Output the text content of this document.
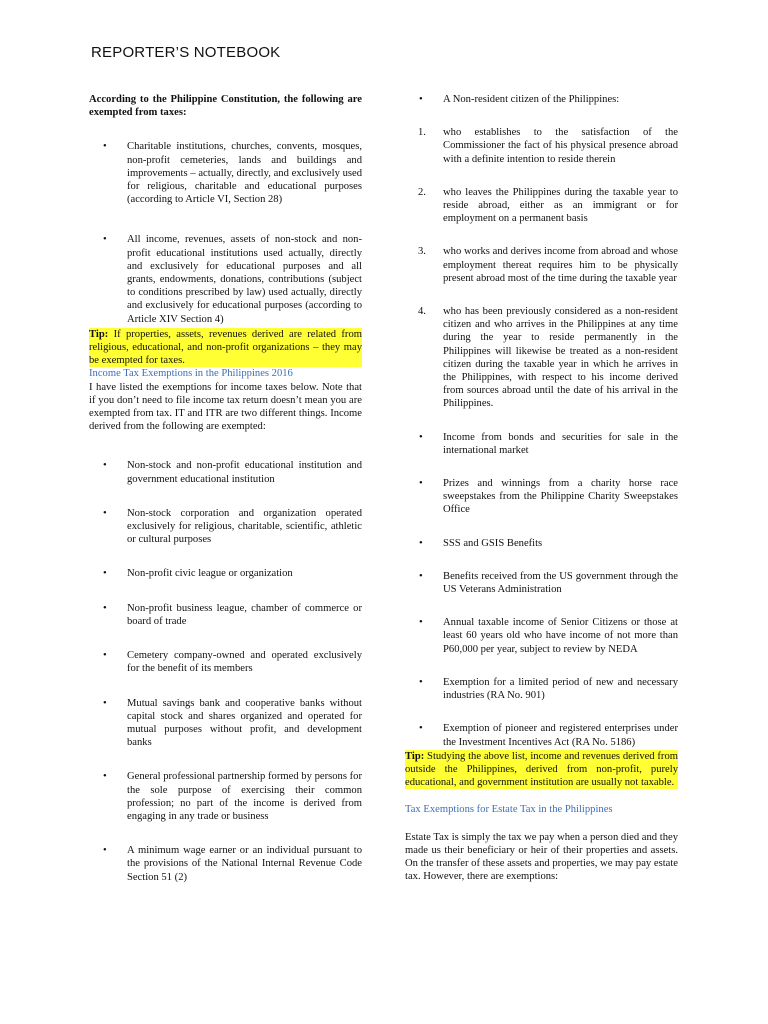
REPORTER’S NOTEBOOK
According to the Philippine Constitution, the following are exempted from taxes:
• Charitable institutions, churches, convents, mosques, non-profit cemeteries, lands and buildings and improvements – actually, directly, and exclusively used for religious, charitable and educational purposes (according to Article VI, Section 28)
• All income, revenues, assets of non-stock and non-profit educational institutions used actually, directly and exclusively for educational purposes and all grants, endowments, donations, contributions (subject to conditions prescribed by law) used actually, directly and exclusively for educational purposes (according to Article XIV Section 4)
Tip: If properties, assets, revenues derived are related from religious, educational, and non-profit organizations – they may be exempted for taxes.
Income Tax Exemptions in the Philippines 2016
I have listed the exemptions for income taxes below. Note that if you don’t need to file income tax return doesn’t mean you are exempted from tax. IT and ITR are two different things. Income derived from the following are exempted:
• Non-stock and non-profit educational institution and government educational institution
• Non-stock corporation and organization operated exclusively for religious, charitable, scientific, athletic or cultural purposes
• Non-profit civic league or organization
• Non-profit business league, chamber of commerce or board of trade
• Cemetery company-owned and operated exclusively for the benefit of its members
• Mutual savings bank and cooperative banks without capital stock and shares organized and operated for mutual purposes without profit, and development banks
• General professional partnership formed by persons for the sole purpose of exercising their common profession; no part of the income is derived from engaging in any trade or business
• A minimum wage earner or an individual pursuant to the provisions of the National Internal Revenue Code Section 51 (2)
• A Non-resident citizen of the Philippines:
1. who establishes to the satisfaction of the Commissioner the fact of his physical presence abroad with a definite intention to reside therein
2. who leaves the Philippines during the taxable year to reside abroad, either as an immigrant or for employment on a permanent basis
3. who works and derives income from abroad and whose employment thereat requires him to be physically present abroad most of the time during the taxable year
4. who has been previously considered as a non-resident citizen and who arrives in the Philippines at any time during the year to reside permanently in the Philippines will likewise be treated as a non-resident citizen during the taxable year in which he arrives in the Philippines, with respect to his income derived from sources abroad until the date of his arrival in the Philippines.
• Income from bonds and securities for sale in the international market
• Prizes and winnings from a charity horse race sweepstakes from the Philippine Charity Sweepstakes Office
• SSS and GSIS Benefits
• Benefits received from the US government through the US Veterans Administration
• Annual taxable income of Senior Citizens or those at least 60 years old who have income of not more than P60,000 per year, subject to review by NEDA
• Exemption for a limited period of new and necessary industries (RA No. 901)
• Exemption of pioneer and registered enterprises under the Investment Incentives Act (RA No. 5186)
Tip: Studying the above list, income and revenues derived from outside the Philippines, derived from non-profit, purely educational, and government institution are usually not taxable.
Tax Exemptions for Estate Tax in the Philippines
Estate Tax is simply the tax we pay when a person died and they made us their beneficiary or heir of their properties and assets. On the transfer of these assets and properties, we may pay estate tax. However, there are exemptions:
